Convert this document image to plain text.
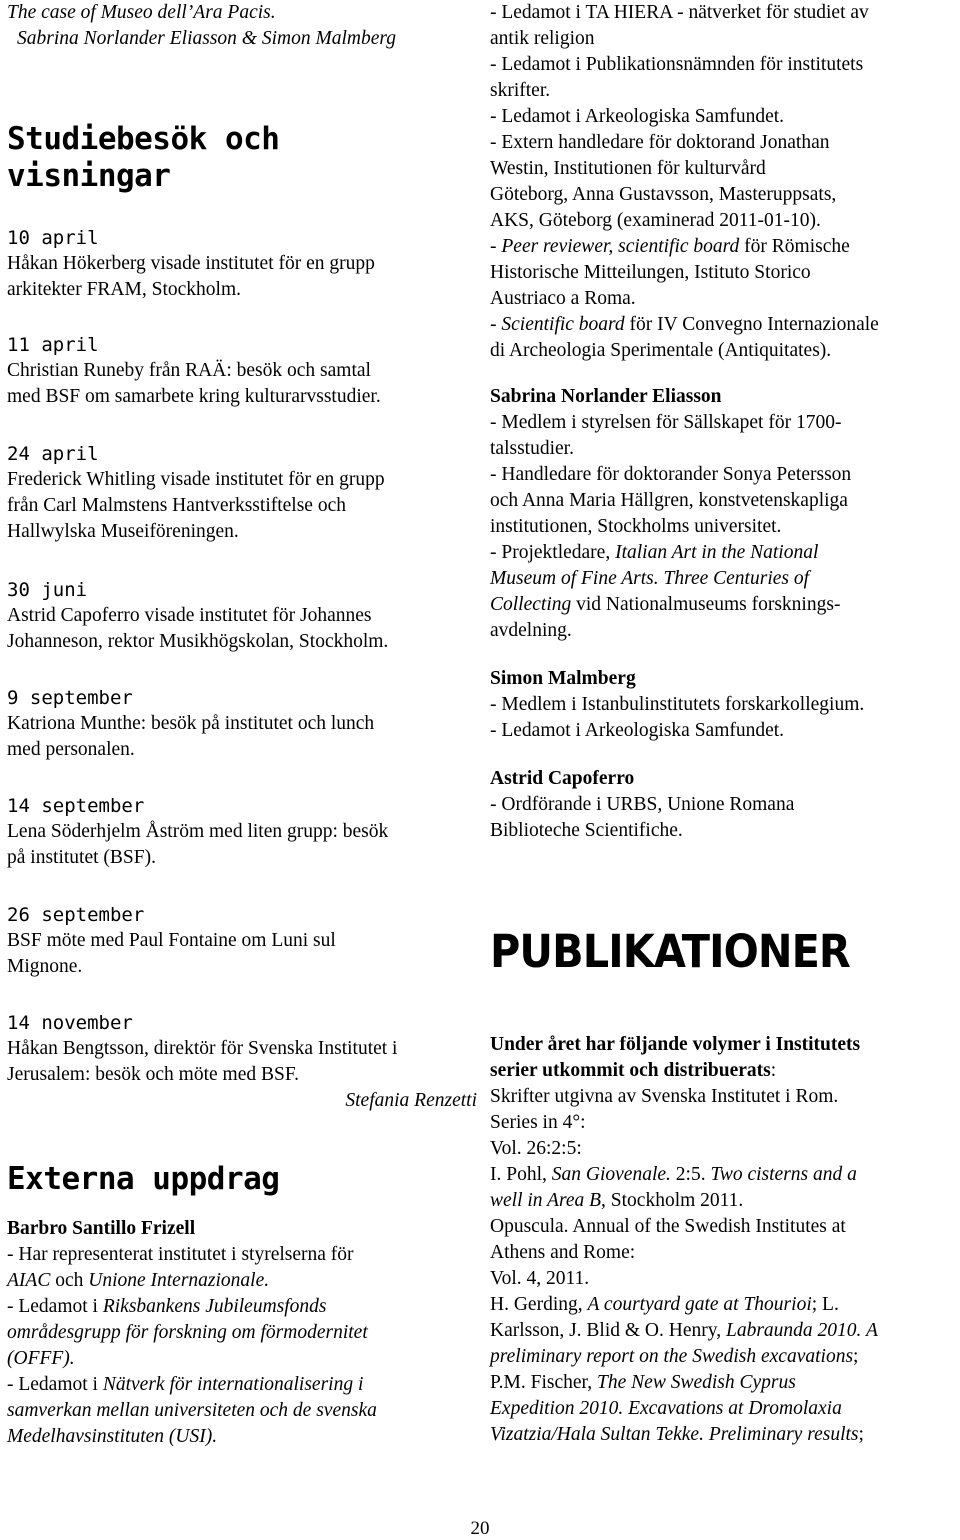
The case of Museo dell’Ara Pacis.

Sabrina Norlander Eliasson & Simon Malmberg

Studiebesök och

visningar

10 april

Håkan Hökerberg visade institutet för en grupp

arkitekter FRAM, Stockholm.

11 april

Christian Runeby från RAÄ: besök och samtal

med BSF om samarbete kring kulturarvsstudier.

24 april

Frederick Whitling visade institutet för en grupp

från Carl Malmstens Hantverksstiftelse och

Hallwylska Museiföreningen.

30 juni

Astrid Capoferro visade institutet för Johannes

Johanneson, rektor Musikhögskolan, Stockholm.

9 september

Katriona Munthe: besök på institutet och lunch

med personalen.

14 september

Lena Söderhjelm Åström med liten grupp: besök

på institutet (BSF).

26 september

BSF möte med Paul Fontaine om Luni sul

Mignone.

14 november

Håkan Bengtsson, direktör för Svenska Institutet i

Jerusalem: besök och möte med BSF.

Stefania Renzetti

Externa uppdrag

Barbro Santillo Frizell

- Har representerat institutet i styrelserna för

AIAC och Unione Internazionale.

- Ledamot i Riksbankens Jubileumsfonds

områdesgrupp för forskning om förmodernitet

(OFFF).

- Ledamot i Nätverk för internationalisering i

samverkan mellan universiteten och de svenska

Medelhavsinstituten (USI).

- Ledamot i TA HIERA - nätverket för studiet av

antik religion

- Ledamot i Publikationsnämnden för institutets

skrifter.

- Ledamot i Arkeologiska Samfundet.

- Extern handledare för doktorand Jonathan

Westin, Institutionen för kulturvård

Göteborg, Anna Gustavsson, Masteruppsats,

AKS, Göteborg (examinerad 2011-01-10).

- Peer reviewer, scientific board för Römische

Historische Mitteilungen, Istituto Storico

Austriaco a Roma.

- Scientific board för IV Convegno Internazionale

di Archeologia Sperimentale (Antiquitates).

Sabrina Norlander Eliasson

- Medlem i styrelsen för Sällskapet för 1700-

talsstudier.

- Handledare för doktorander Sonya Petersson

och Anna Maria Hällgren, konstvetenskapliga

institutionen, Stockholms universitet.

- Projektledare, Italian Art in the National

Museum of Fine Arts. Three Centuries of

Collecting vid Nationalmuseums forsknings-

avdelning.

Simon Malmberg

- Medlem i Istanbulinstitutets forskarkollegium.

- Ledamot i Arkeologiska Samfundet.

Astrid Capoferro

- Ordförande i URBS, Unione Romana

Biblioteche Scientifiche.

PUBLIKATIONER

Under året har följande volymer i Institutets

serier utkommit och distribuerats:

Skrifter utgivna av Svenska Institutet i Rom.

Series in 4°:

Vol. 26:2:5:

I. Pohl, San Giovenale. 2:5. Two cisterns and a

well in Area B, Stockholm 2011.

Opuscula. Annual of the Swedish Institutes at

Athens and Rome:

Vol. 4, 2011.

H. Gerding, A courtyard gate at Thourioi; L.

Karlsson, J. Blid & O. Henry, Labraunda 2010. A

preliminary report on the Swedish excavations;

P.M. Fischer, The New Swedish Cyprus

Expedition 2010. Excavations at Dromolaxia

Vizatzia/Hala Sultan Tekke. Preliminary results;

20
